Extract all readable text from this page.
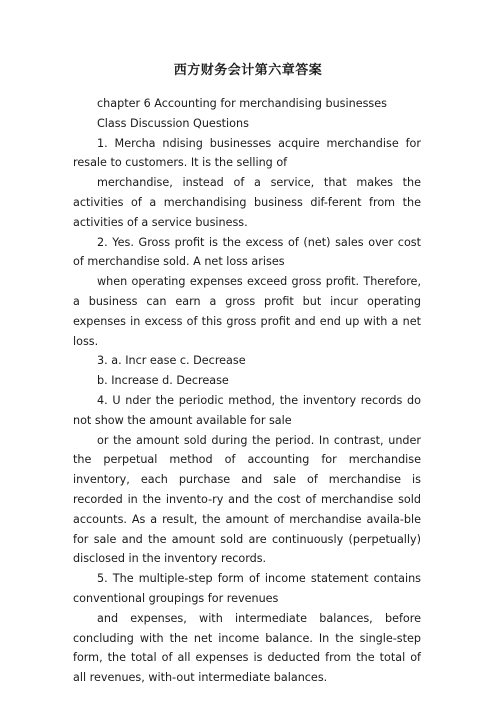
西方财务会计第六章答案

chapter 6 Accounting for merchandising businesses

Class Discussion Questions

1. Mercha ndising businesses acquire merchandise for resale to customers. It is the selling of

merchandise, instead of a service, that makes the activities of a merchandising business dif-ferent from the activities of a service business.

2. Yes. Gross profit is the excess of (net) sales over cost of merchandise sold. A net loss arises

when operating expenses exceed gross profit. Therefore, a business can earn a gross profit but incur operating expenses in excess of this gross profit and end up with a net loss.

3. a. Incr ease c. Decrease

b. Increase d. Decrease

4. U nder the periodic method, the inventory records do not show the amount available for sale

or the amount sold during the period. In contrast, under the perpetual method of accounting for merchandise inventory, each purchase and sale of merchandise is recorded in the invento-ry and the cost of merchandise sold accounts. As a result, the amount of merchandise availa-ble for sale and the amount sold are continuously (perpetually) disclosed in the inventory records.

5. The multiple-step form of income statement contains conventional groupings for revenues

and expenses, with intermediate balances, before concluding with the net income balance. In the single-step form, the total of all expenses is deducted from the total of all revenues, with-out intermediate balances.
